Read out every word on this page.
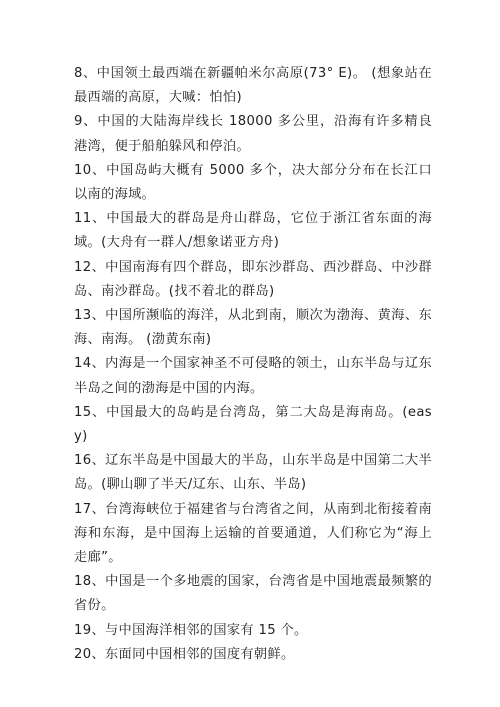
8、中国领土最西端在新疆帕米尔高原(73° E)。 (想象站在最西端的高原，大喊：怕怕)

9、中国的大陆海岸线长 18000 多公里，沿海有许多精良港湾，便于船舶躲风和停泊。

10、中国岛屿大概有 5000 多个，决大部分分布在长江口以南的海域。

11、中国最大的群岛是舟山群岛，它位于浙江省东面的海域。(大舟有一群人/想象诺亚方舟)

12、中国南海有四个群岛，即东沙群岛、西沙群岛、中沙群岛、南沙群岛。(找不着北的群岛)

13、中国所濒临的海洋，从北到南，顺次为渤海、黄海、东海、南海。 (渤黄东南)

14、内海是一个国家神圣不可侵略的领土，山东半岛与辽东半岛之间的渤海是中国的内海。

15、中国最大的岛屿是台湾岛，第二大岛是海南岛。(easy)

16、辽东半岛是中国最大的半岛，山东半岛是中国第二大半岛。(聊山聊了半天/辽东、山东、半岛)

17、台湾海峡位于福建省与台湾省之间，从南到北衔接着南海和东海，是中国海上运输的首要通道，人们称它为“海上走廊”。

18、中国是一个多地震的国家，台湾省是中国地震最频繁的省份。

19、与中国海洋相邻的国家有 15 个。

20、东面同中国相邻的国度有朝鲜。
